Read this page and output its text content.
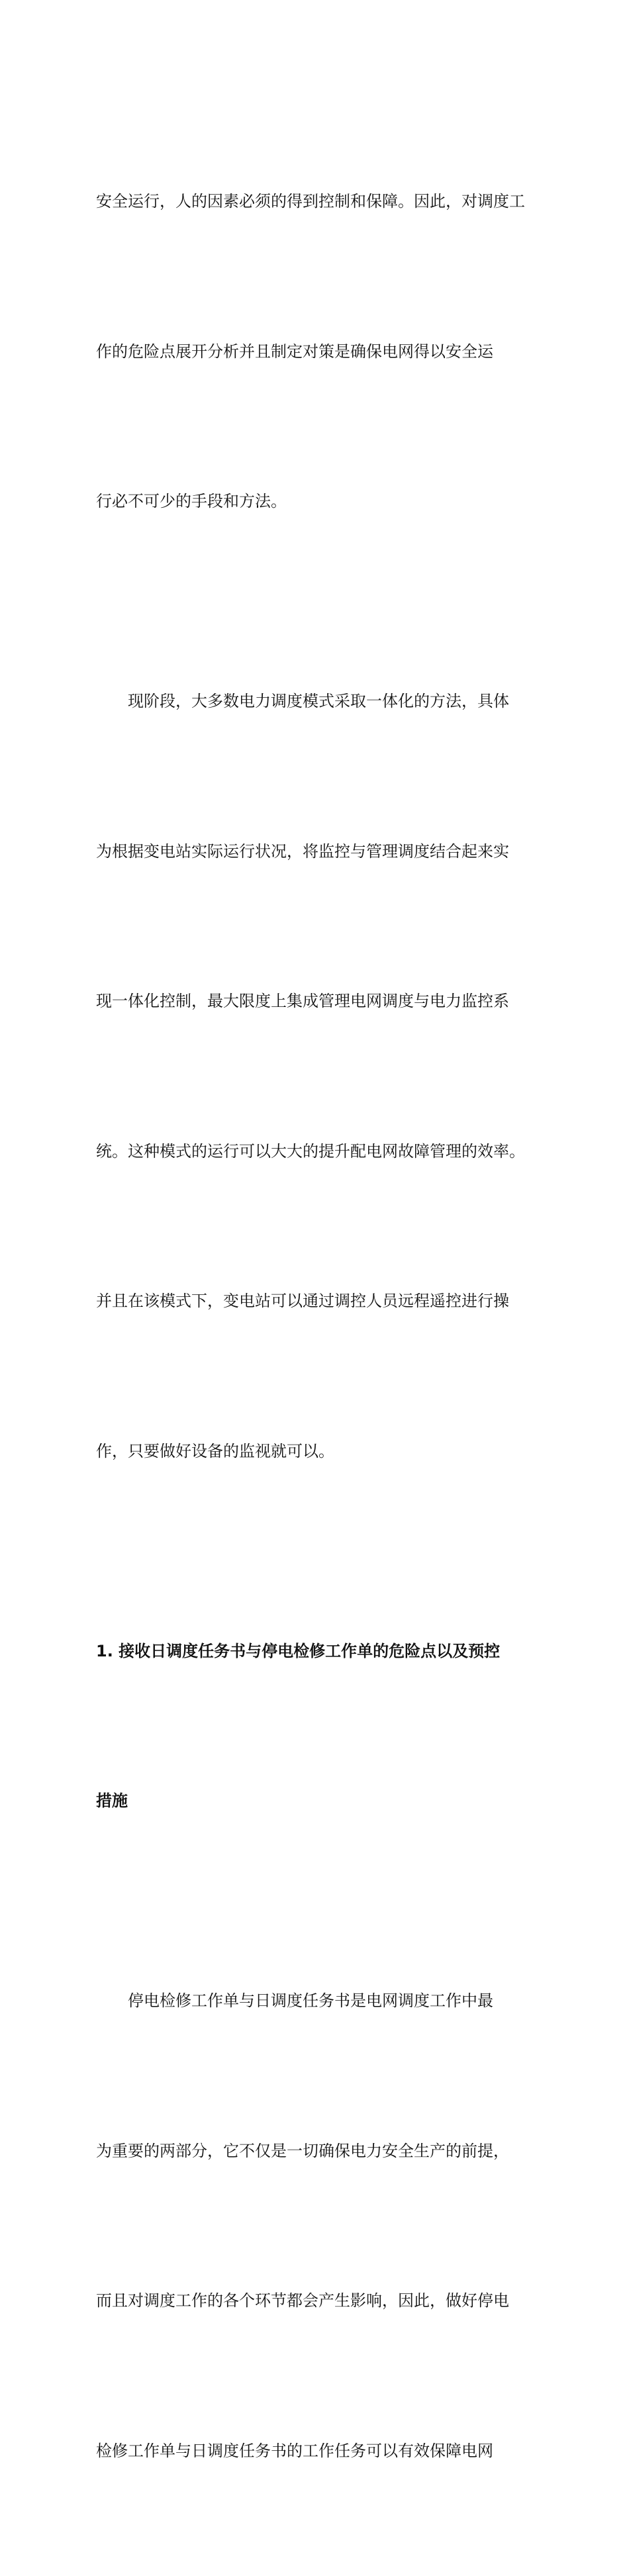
安全运行，人的因素必须的得到控制和保障。因此，对调度工

作的危险点展开分析并且制定对策是确保电网得以安全运

行必不可少的手段和方法。

现阶段，大多数电力调度模式采取一体化的方法，具体

为根据变电站实际运行状况，将监控与管理调度结合起来实

现一体化控制，最大限度上集成管理电网调度与电力监控系

统。这种模式的运行可以大大的提升配电网故障管理的效率。

并且在该模式下，变电站可以通过调控人员远程遥控进行操

作，只要做好设备的监视就可以。

1. 接收日调度任务书与停电检修工作单的危险点以及预控

措施

停电检修工作单与日调度任务书是电网调度工作中最

为重要的两部分，它不仅是一切确保电力安全生产的前提，

而且对调度工作的各个环节都会产生影响，因此，做好停电

检修工作单与日调度任务书的工作任务可以有效保障电网
